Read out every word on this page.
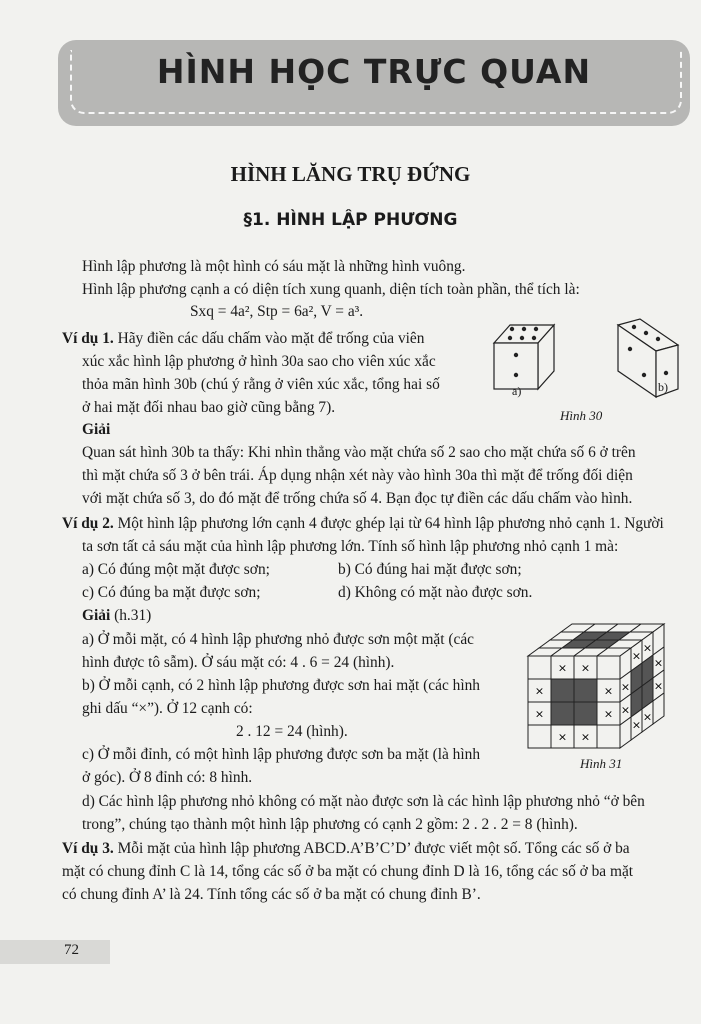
HÌNH HỌC TRỰC QUAN
HÌNH LĂNG TRỤ ĐỨNG
§1. HÌNH LẬP PHƯƠNG
Hình lập phương là một hình có sáu mặt là những hình vuông.
Hình lập phương cạnh a có diện tích xung quanh, diện tích toàn phần, thể tích là:
Sxq = 4a², Stp = 6a², V = a³.
Ví dụ 1. Hãy điền các dấu chấm vào mặt để trống của viên
xúc xắc hình lập phương ở hình 30a sao cho viên xúc xắc
thỏa mãn hình 30b (chú ý rằng ở viên xúc xắc, tổng hai số
ở hai mặt đối nhau bao giờ cũng bằng 7).
a)	b)
Hình 30
Giải
Quan sát hình 30b ta thấy: Khi nhìn thẳng vào mặt chứa số 2 sao cho mặt chứa số 6 ở trên
thì mặt chứa số 3 ở bên trái. Áp dụng nhận xét này vào hình 30a thì mặt để trống đối diện
với mặt chứa số 3, do đó mặt để trống chứa số 4. Bạn đọc tự điền các dấu chấm vào hình.
Ví dụ 2. Một hình lập phương lớn cạnh 4 được ghép lại từ 64 hình lập phương nhỏ cạnh 1. Người
ta sơn tất cả sáu mặt của hình lập phương lớn. Tính số hình lập phương nhỏ cạnh 1 mà:
a) Có đúng một mặt được sơn;	b) Có đúng hai mặt được sơn;
c) Có đúng ba mặt được sơn;	d) Không có mặt nào được sơn.
Giải (h.31)
a) Ở mỗi mặt, có 4 hình lập phương nhỏ được sơn một mặt (các
hình được tô sẫm). Ở sáu mặt có: 4 . 6 = 24 (hình).
b) Ở mỗi cạnh, có 2 hình lập phương được sơn hai mặt (các hình
ghi dấu “×”). Ở 12 cạnh có:
2 . 12 = 24 (hình).
c) Ở mỗi đỉnh, có một hình lập phương được sơn ba mặt (là hình
ở góc). Ở 8 đỉnh có: 8 hình.
d) Các hình lập phương nhỏ không có mặt nào được sơn là các hình lập phương nhỏ “ở bên
trong”, chúng tạo thành một hình lập phương có cạnh 2 gồm: 2 . 2 . 2 = 8 (hình).
× ×
×	×
×	×
× ×
×
×
×
×
×
×
×
×
Hình 31
Ví dụ 3. Mỗi mặt của hình lập phương ABCD.A’B’C’D’ được viết một số. Tổng các số ở ba
mặt có chung đỉnh C là 14, tổng các số ở ba mặt có chung đỉnh D là 16, tổng các số ở ba mặt
có chung đỉnh A’ là 24. Tính tổng các số ở ba mặt có chung đỉnh B’.
72
